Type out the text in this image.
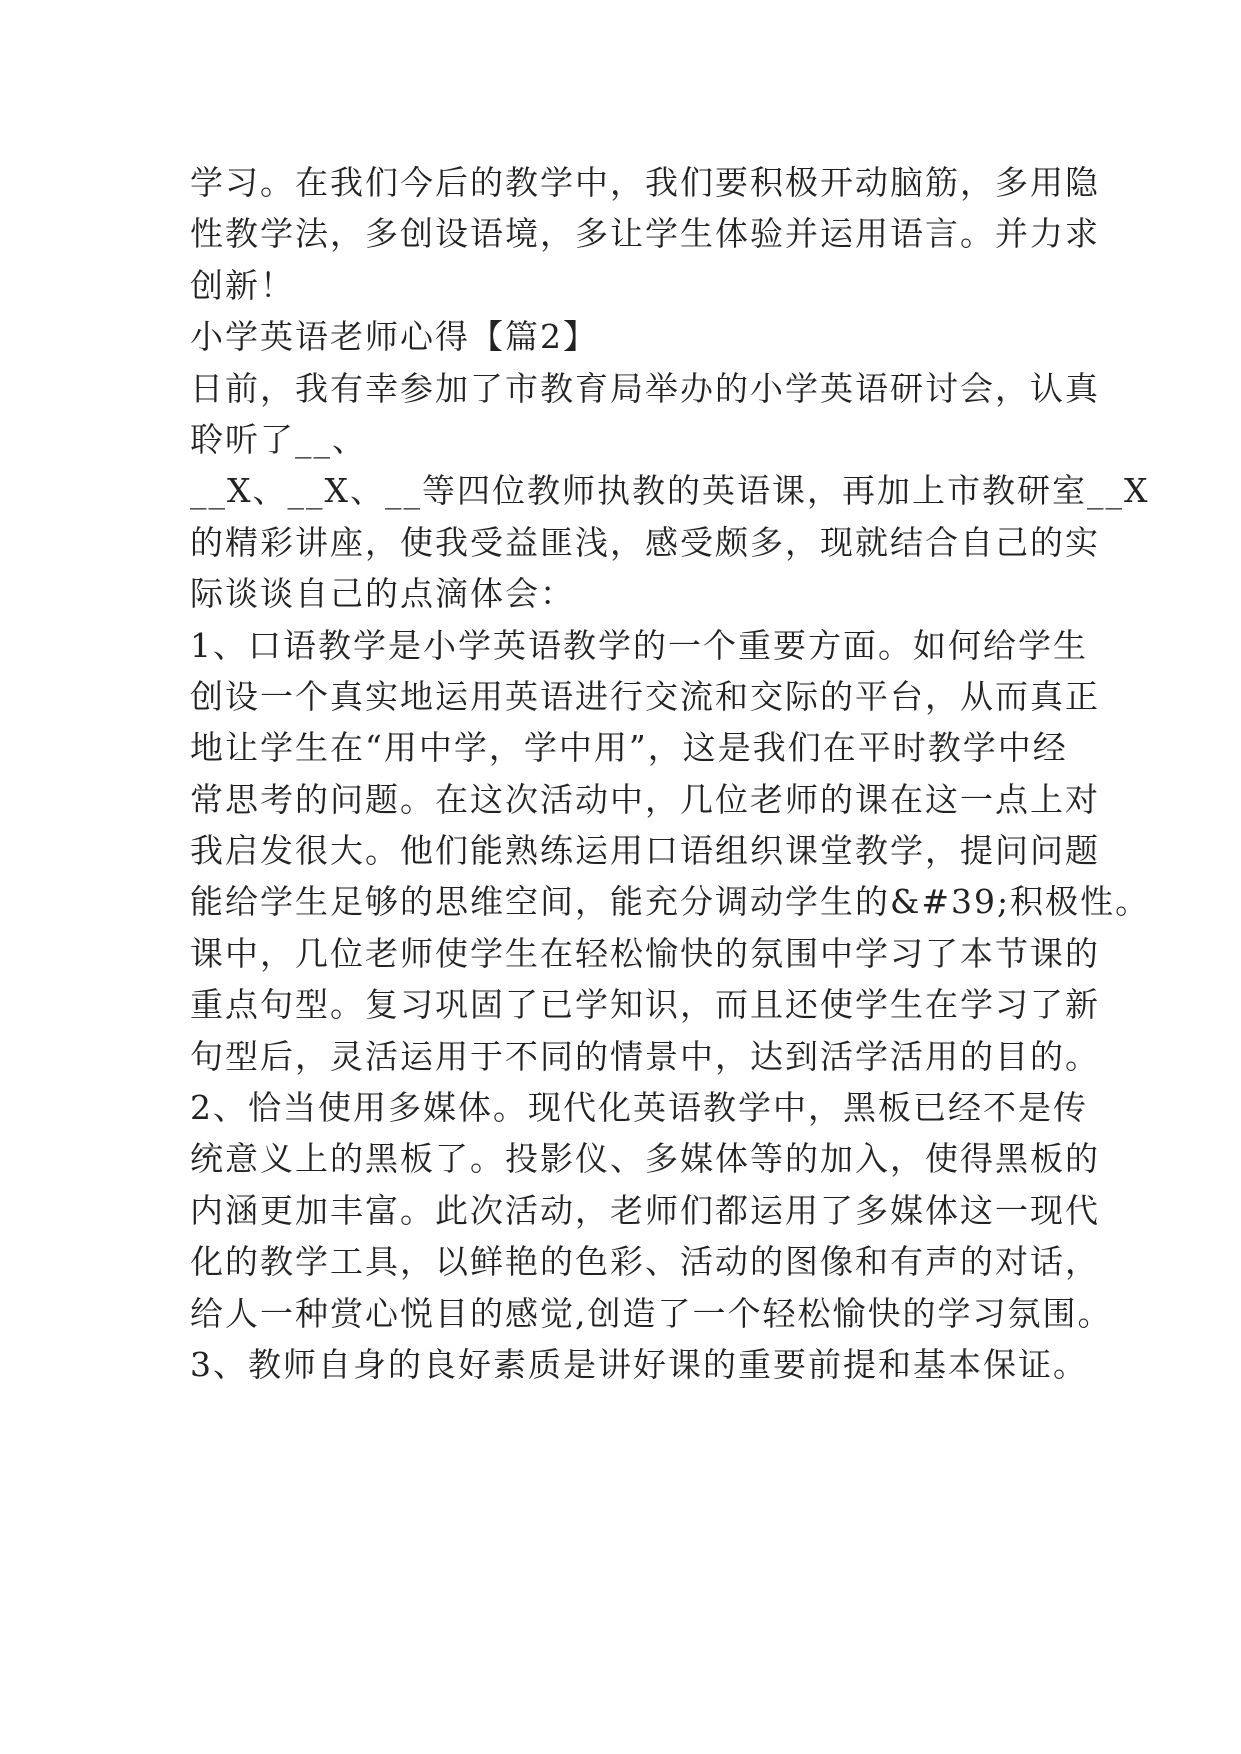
学习。在我们今后的教学中，我们要积极开动脑筋，多用隐
性教学法，多创设语境，多让学生体验并运用语言。并力求
创新！
小学英语老师心得【篇2】
日前，我有幸参加了市教育局举办的小学英语研讨会，认真
聆听了__、
__X、__X、__等四位教师执教的英语课，再加上市教研室__X
的精彩讲座，使我受益匪浅，感受颇多，现就结合自己的实
际谈谈自己的点滴体会：
1、口语教学是小学英语教学的一个重要方面。如何给学生
创设一个真实地运用英语进行交流和交际的平台，从而真正
地让学生在“用中学，学中用”，这是我们在平时教学中经
常思考的问题。在这次活动中，几位老师的课在这一点上对
我启发很大。他们能熟练运用口语组织课堂教学，提问问题
能给学生足够的思维空间，能充分调动学生的&#39;积极性。
课中，几位老师使学生在轻松愉快的氛围中学习了本节课的
重点句型。复习巩固了已学知识，而且还使学生在学习了新
句型后，灵活运用于不同的情景中，达到活学活用的目的。
2、恰当使用多媒体。现代化英语教学中，黑板已经不是传
统意义上的黑板了。投影仪、多媒体等的加入，使得黑板的
内涵更加丰富。此次活动，老师们都运用了多媒体这一现代
化的教学工具，以鲜艳的色彩、活动的图像和有声的对话，
给人一种赏心悦目的感觉,创造了一个轻松愉快的学习氛围。
3、教师自身的良好素质是讲好课的重要前提和基本保证。
